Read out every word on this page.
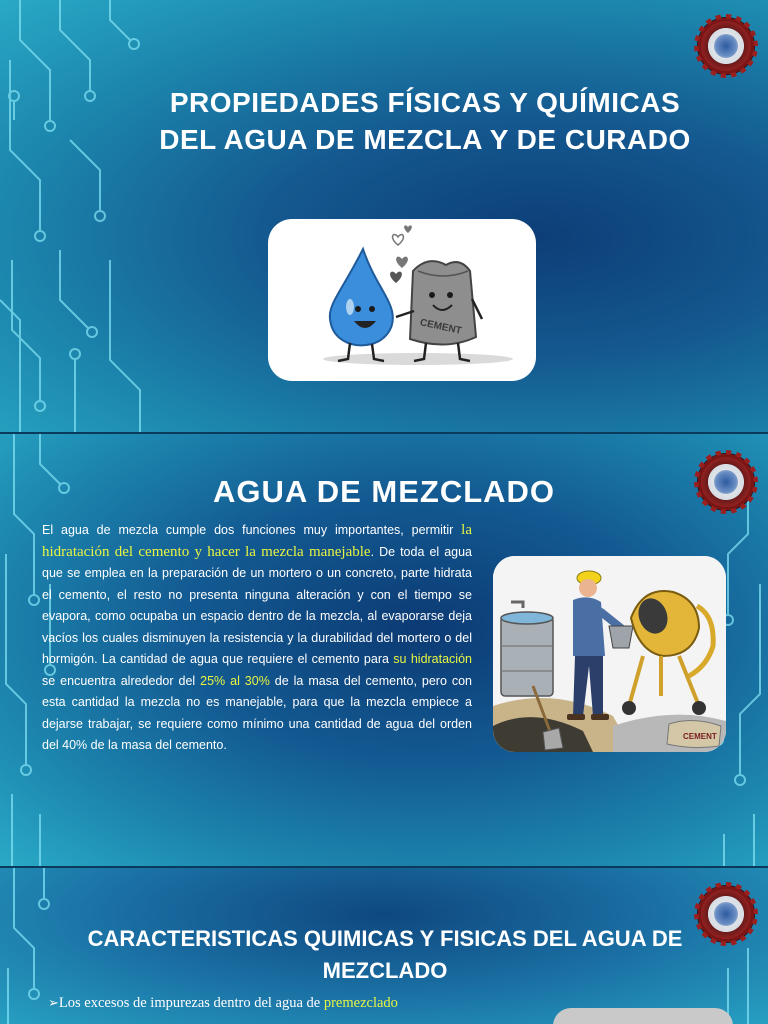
PROPIEDADES FÍSICAS Y QUÍMICAS DEL AGUA DE MEZCLA Y DE CURADO
CEMENT
AGUA DE MEZCLADO

El agua de mezcla cumple dos funciones muy importantes, permitir la hidratación del cemento y hacer la mezcla manejable. De toda el agua que se emplea en la preparación de un mortero o un concreto, parte hidrata el cemento, el resto no presenta ninguna alteración y con el tiempo se evapora, como ocupaba un espacio dentro de la mezcla, al evaporarse deja vacíos los cuales disminuyen la resistencia y la durabilidad del mortero o del hormigón. La cantidad de agua que requiere el cemento para su hidratación se encuentra alrededor del 25% al 30% de la masa del cemento, pero con esta cantidad la mezcla no es manejable, para que la mezcla empiece a dejarse trabajar, se requiere como mínimo una cantidad de agua del orden del 40% de la masa del cemento.

CEMENT
CARACTERISTICAS QUIMICAS Y FISICAS DEL AGUA DE MEZCLADO

➢Los excesos de impurezas dentro del agua de premezclado
